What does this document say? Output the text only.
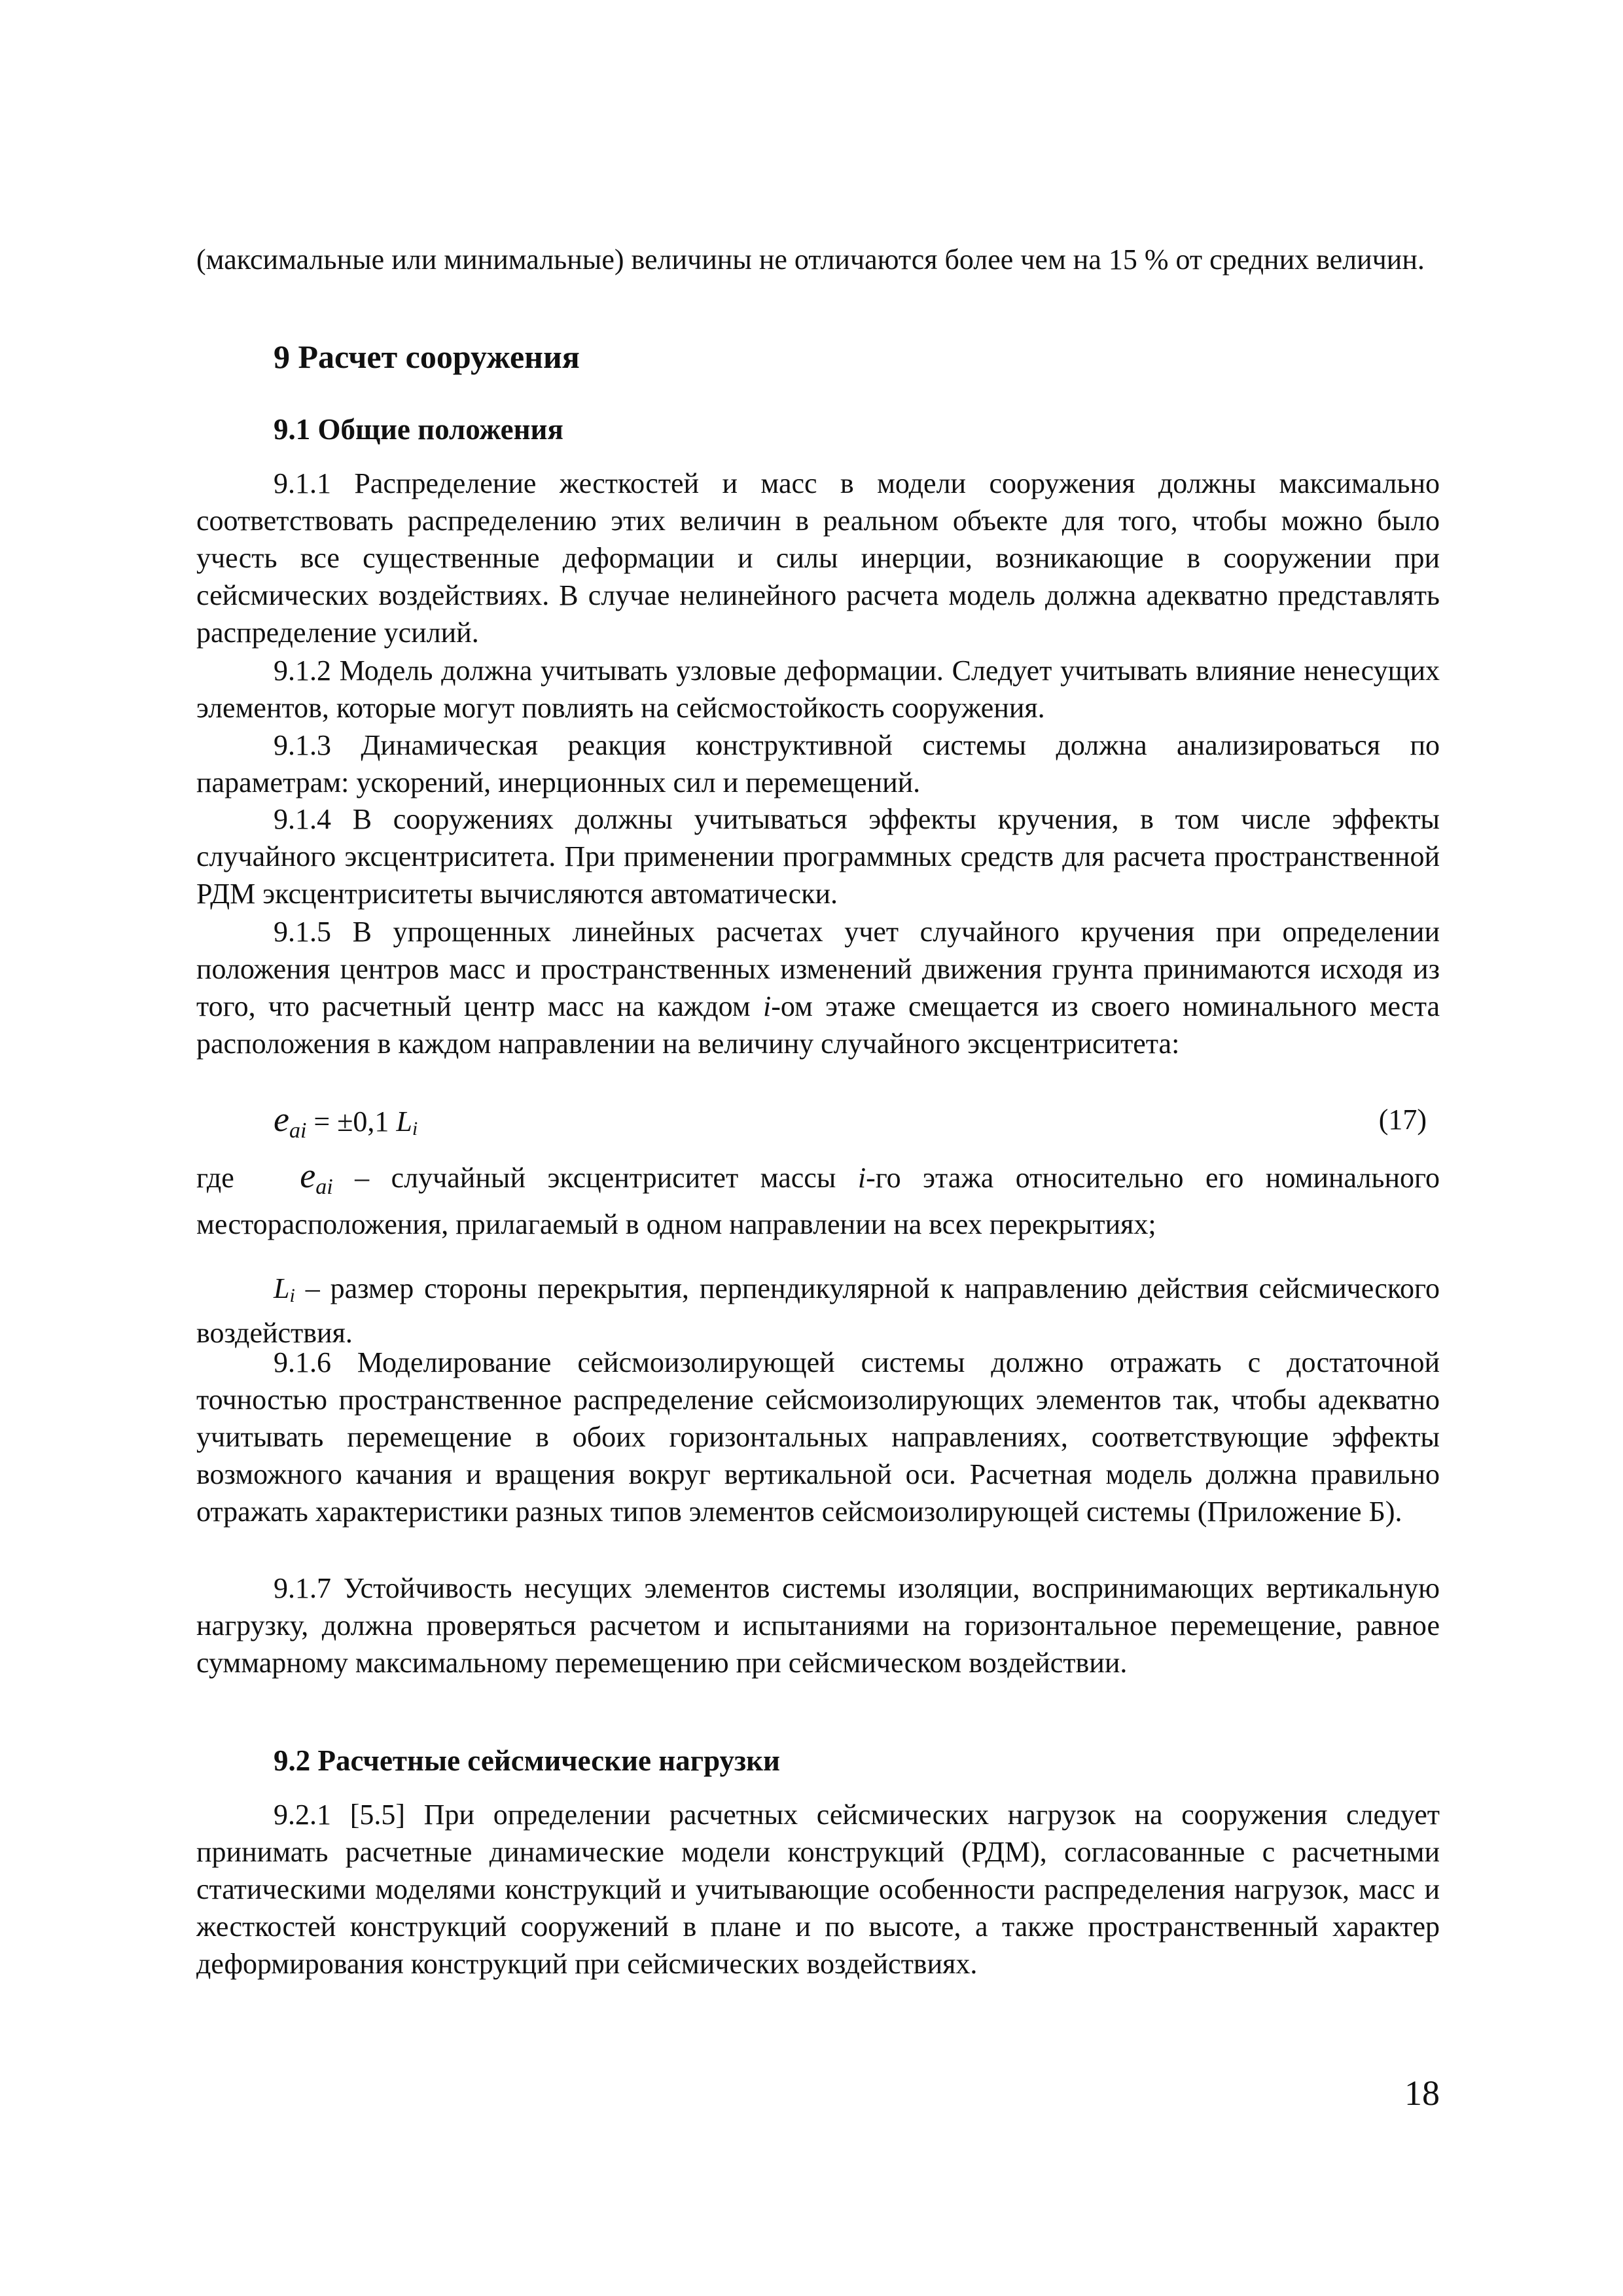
(максимальные или минимальные) величины не отличаются более чем на 15 % от средних величин.

9 Расчет сооружения

9.1 Общие положения

9.1.1 Распределение жесткостей и масс в модели сооружения должны максимально соответствовать распределению этих величин в реальном объекте для того, чтобы можно было учесть все существенные деформации и силы инерции, возникающие в сооружении при сейсмических воздействиях. В случае нелинейного расчета модель должна адекватно представлять распределение усилий.

9.1.2 Модель должна учитывать узловые деформации. Следует учитывать влияние ненесущих элементов, которые могут повлиять на сейсмостойкость сооружения.

9.1.3 Динамическая реакция конструктивной системы должна анализироваться по параметрам: ускорений, инерционных сил и перемещений.

9.1.4 В сооружениях должны учитываться эффекты кручения, в том числе эффекты случайного эксцентриситета. При применении программных средств для расчета пространственной РДМ эксцентриситеты вычисляются автоматически.

9.1.5 В упрощенных линейных расчетах учет случайного кручения при определении положения центров масс и пространственных изменений движения грунта принимаются исходя из того, что расчетный центр масс на каждом i-ом этаже смещается из своего номинального места расположения в каждом направлении на величину случайного эксцентриситета:

$e_{ai} = \pm 0,1$ Li	(17)

где $e_{ai}$ – случайный эксцентриситет массы i-го этажа относительно его номинального месторасположения, прилагаемый в одном направлении на всех перекрытиях;

Li – размер стороны перекрытия, перпендикулярной к направлению действия сейсмического воздействия.

9.1.6 Моделирование сейсмоизолирующей системы должно отражать с достаточной точностью пространственное распределение сейсмоизолирующих элементов так, чтобы адекватно учитывать перемещение в обоих горизонтальных направлениях, соответствующие эффекты возможного качания и вращения вокруг вертикальной оси. Расчетная модель должна правильно отражать характеристики разных типов элементов сейсмоизолирующей системы (Приложение Б).

9.1.7 Устойчивость несущих элементов системы изоляции, воспринимающих вертикальную нагрузку, должна проверяться расчетом и испытаниями на горизонтальное перемещение, равное суммарному максимальному перемещению при сейсмическом воздействии.

9.2 Расчетные сейсмические нагрузки

9.2.1 [5.5] При определении расчетных сейсмических нагрузок на сооружения следует принимать расчетные динамические модели конструкций (РДМ), согласованные с расчетными статическими моделями конструкций и учитывающие особенности распределения нагрузок, масс и жесткостей конструкций сооружений в плане и по высоте, а также пространственный характер деформирования конструкций при сейсмических воздействиях.

18
